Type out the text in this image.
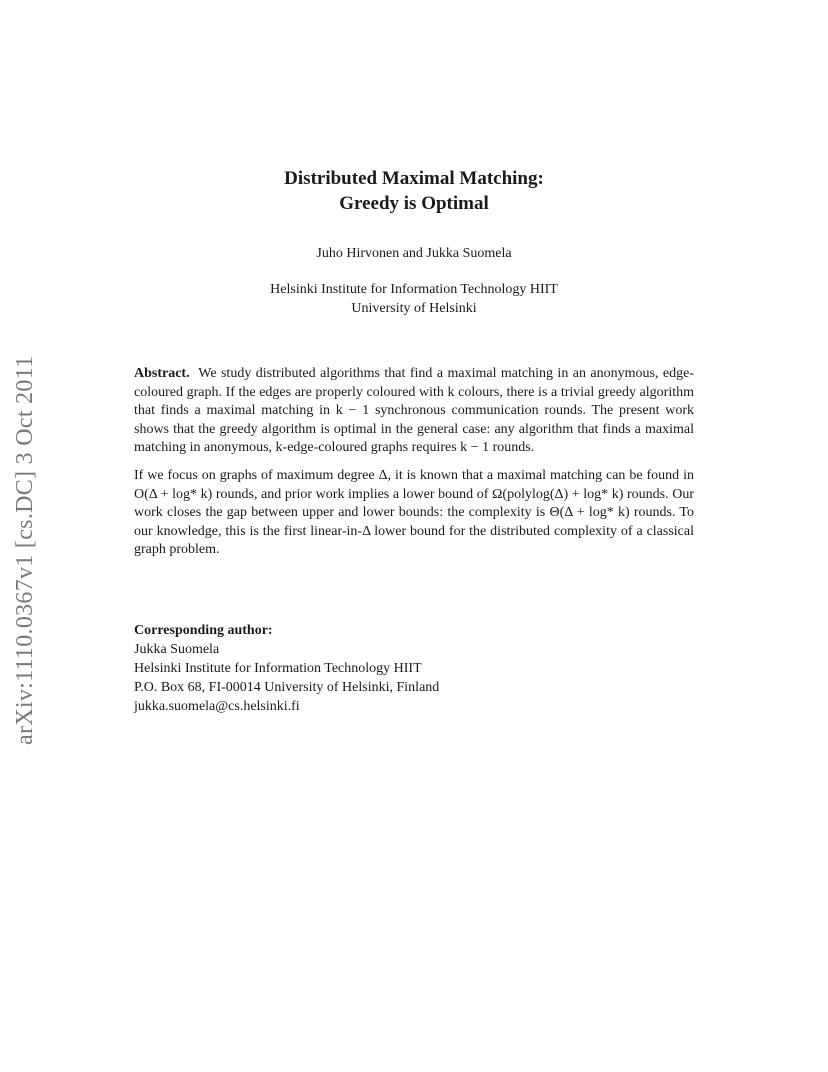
arXiv:1110.0367v1 [cs.DC] 3 Oct 2011
Distributed Maximal Matching:
Greedy is Optimal
Juho Hirvonen and Jukka Suomela
Helsinki Institute for Information Technology HIIT
University of Helsinki

Abstract. We study distributed algorithms that find a maximal matching in an anonymous, edge-coloured graph. If the edges are properly coloured with k colours, there is a trivial greedy algorithm that finds a maximal matching in k − 1 synchronous communication rounds. The present work shows that the greedy algorithm is optimal in the general case: any algorithm that finds a maximal matching in anonymous, k-edge-coloured graphs requires k − 1 rounds.

If we focus on graphs of maximum degree Δ, it is known that a maximal matching can be found in O(Δ + log* k) rounds, and prior work implies a lower bound of Ω(polylog(Δ) + log* k) rounds. Our work closes the gap between upper and lower bounds: the complexity is Θ(Δ + log* k) rounds. To our knowledge, this is the first linear-in-Δ lower bound for the distributed complexity of a classical graph problem.

Corresponding author:
Jukka Suomela
Helsinki Institute for Information Technology HIIT
P.O. Box 68, FI-00014 University of Helsinki, Finland
jukka.suomela@cs.helsinki.fi
